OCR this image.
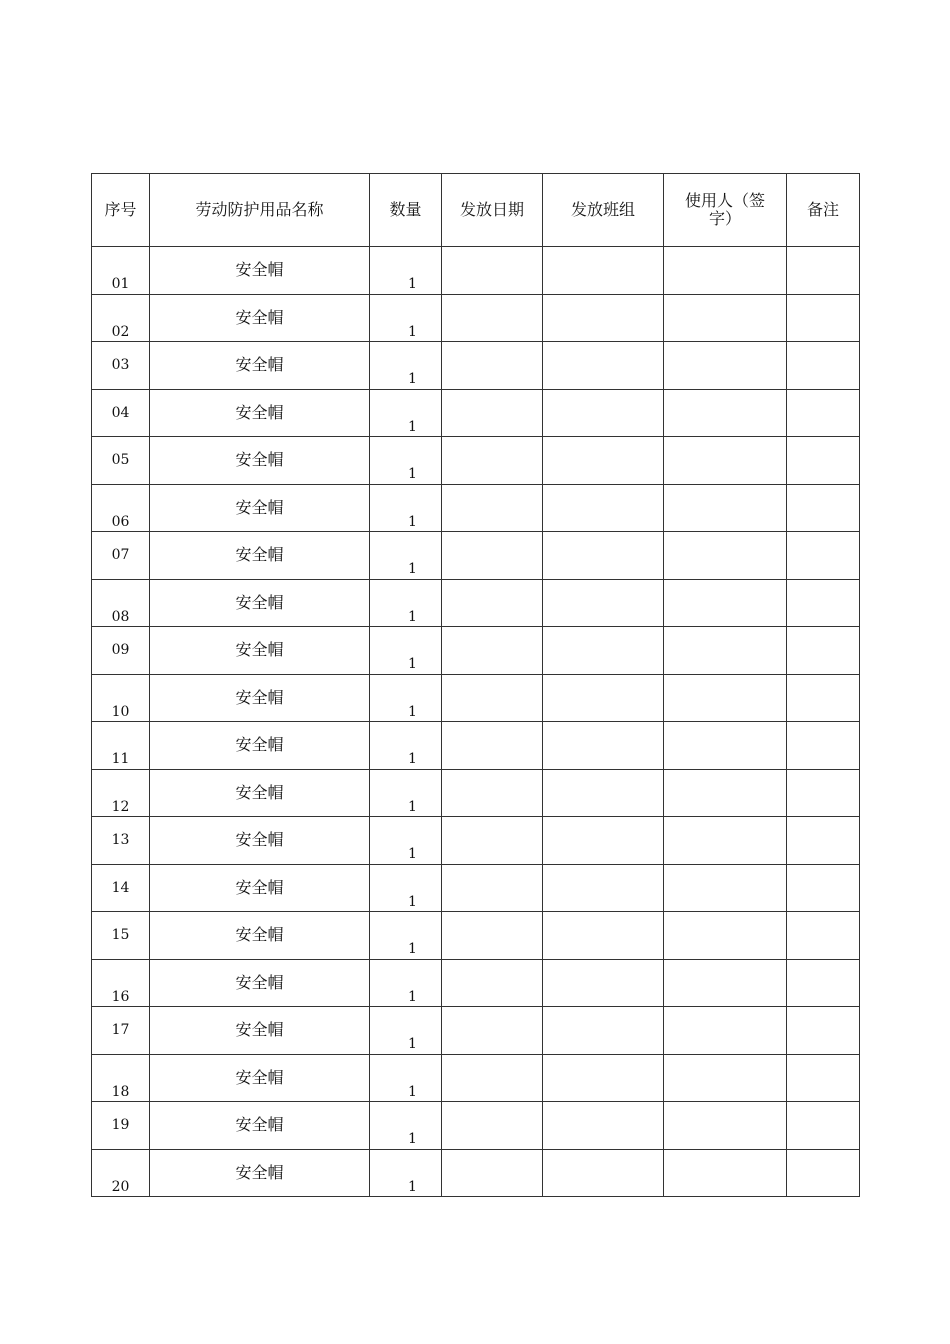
序号	劳动防护用品名称	数量	发放日期	发放班组	使用人（签字）	备注

01	安全帽	1				

02	安全帽	1				

03	安全帽	1				

04	安全帽	1				

05	安全帽	1				

06	安全帽	1				

07	安全帽	1				

08	安全帽	1				

09	安全帽	1				

10	安全帽	1				

11	安全帽	1				

12	安全帽	1				

13	安全帽	1				

14	安全帽	1				

15	安全帽	1				

16	安全帽	1				

17	安全帽	1				

18	安全帽	1				

19	安全帽	1				

20	安全帽	1				
